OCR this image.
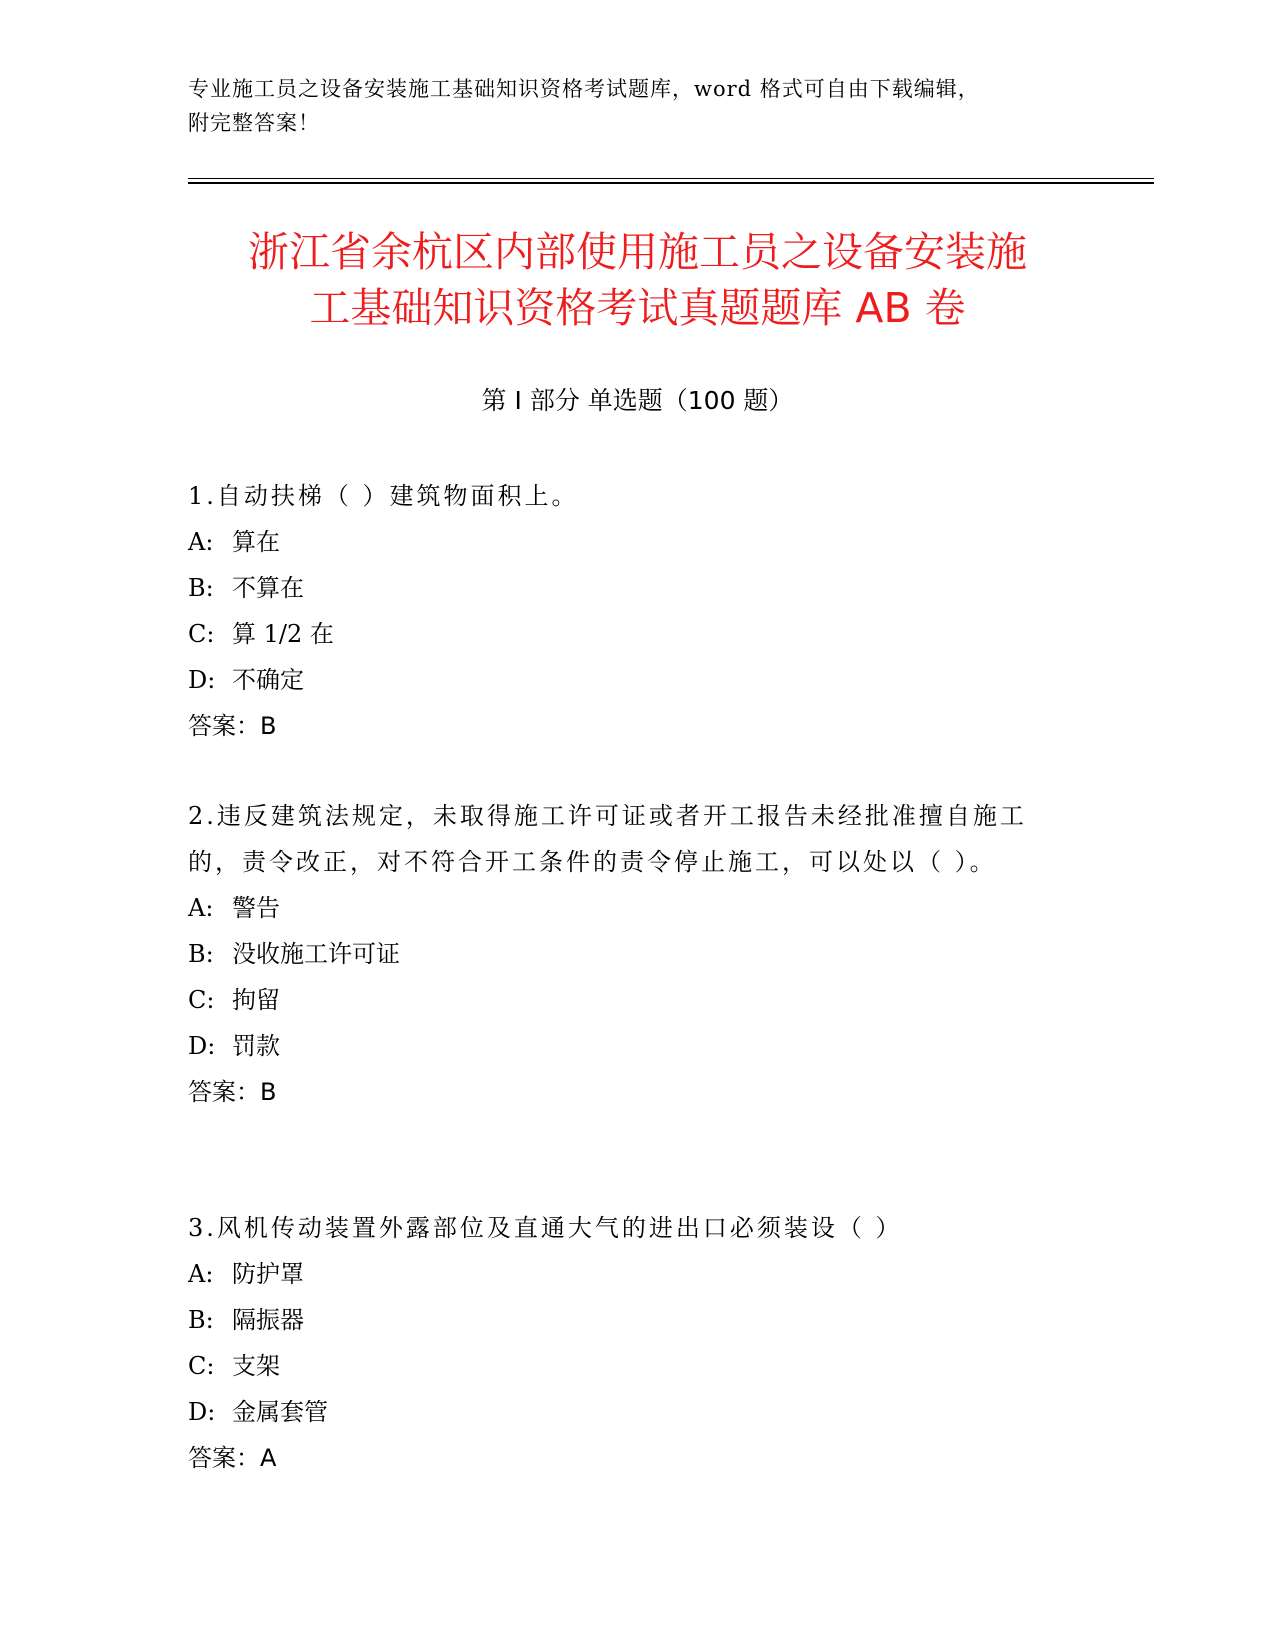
专业施工员之设备安装施工基础知识资格考试题库，word 格式可自由下载编辑，
附完整答案！
浙江省余杭区内部使用施工员之设备安装施
工基础知识资格考试真题题库 AB 卷
第 I 部分 单选题（100 题）
1.自动扶梯（ ）建筑物面积上。
A: 算在
B: 不算在
C: 算 1/2 在
D: 不确定
答案：B
2.违反建筑法规定，未取得施工许可证或者开工报告未经批准擅自施工的，责令改正，对不符合开工条件的责令停止施工，可以处以（ ）。
A: 警告
B: 没收施工许可证
C: 拘留
D: 罚款
答案：B
3.风机传动装置外露部位及直通大气的进出口必须装设（ ）
A: 防护罩
B: 隔振器
C: 支架
D: 金属套管
答案：A
